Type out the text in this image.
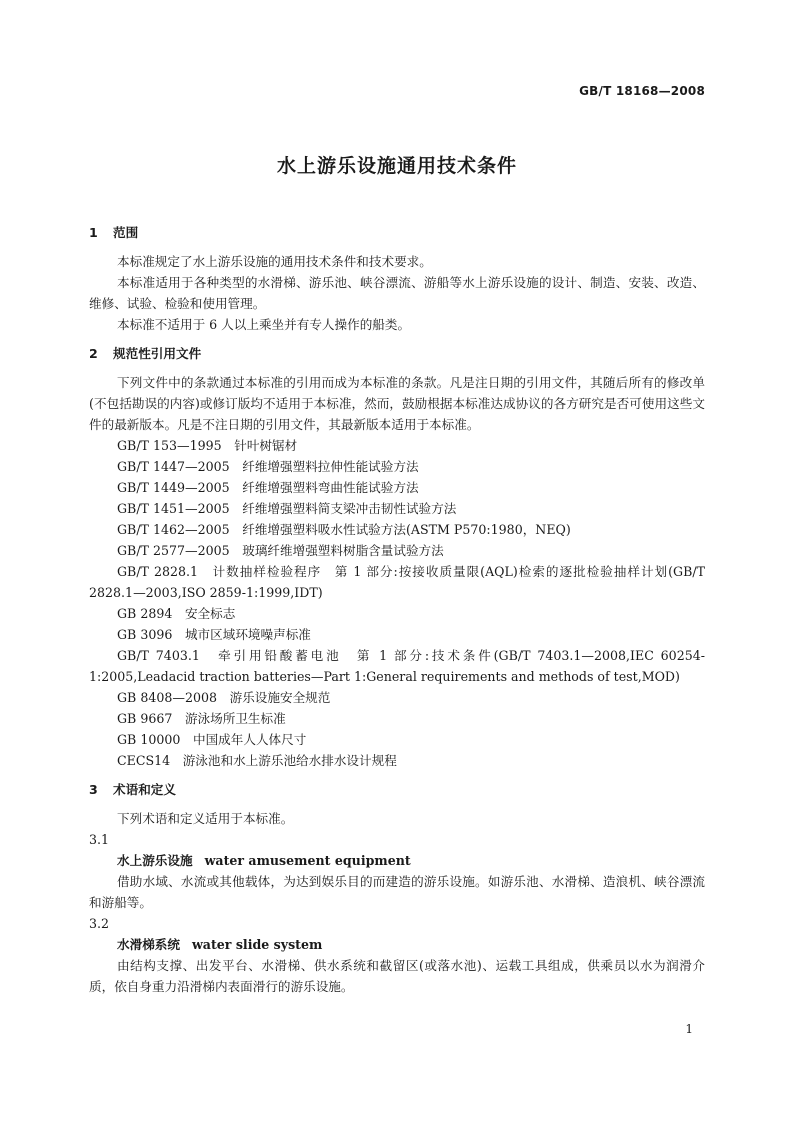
GB/T 18168—2008
水上游乐设施通用技术条件
1 范围

本标准规定了水上游乐设施的通用技术条件和技术要求。

本标准适用于各种类型的水滑梯、游乐池、峡谷漂流、游船等水上游乐设施的设计、制造、安装、改造、维修、试验、检验和使用管理。

本标准不适用于 6 人以上乘坐并有专人操作的船类。

2 规范性引用文件

下列文件中的条款通过本标准的引用而成为本标准的条款。凡是注日期的引用文件，其随后所有的修改单(不包括勘误的内容)或修订版均不适用于本标准，然而，鼓励根据本标准达成协议的各方研究是否可使用这些文件的最新版本。凡是不注日期的引用文件，其最新版本适用于本标准。

GB/T 153—1995　针叶树锯材

GB/T 1447—2005　纤维增强塑料拉伸性能试验方法

GB/T 1449—2005　纤维增强塑料弯曲性能试验方法

GB/T 1451—2005　纤维增强塑料简支梁冲击韧性试验方法

GB/T 1462—2005　纤维增强塑料吸水性试验方法(ASTM P570:1980，NEQ)

GB/T 2577—2005　玻璃纤维增强塑料树脂含量试验方法

GB/T 2828.1　计数抽样检验程序　第 1 部分:按接收质量限(AQL)检索的逐批检验抽样计划(GB/T 2828.1—2003,ISO 2859-1:1999,IDT)

GB 2894　安全标志

GB 3096　城市区域环境噪声标准

GB/T 7403.1　牵引用铅酸蓄电池　第 1 部分:技术条件(GB/T 7403.1—2008,IEC 60254-1:2005,Leadacid traction batteries—Part 1:General requirements and methods of test,MOD)

GB 8408—2008　游乐设施安全规范

GB 9667　游泳场所卫生标准

GB 10000　中国成年人人体尺寸

CECS14　游泳池和水上游乐池给水排水设计规程

3 术语和定义

下列术语和定义适用于本标准。

3.1

水上游乐设施 water amusement equipment

借助水域、水流或其他载体，为达到娱乐目的而建造的游乐设施。如游乐池、水滑梯、造浪机、峡谷漂流和游船等。

3.2

水滑梯系统 water slide system

由结构支撑、出发平台、水滑梯、供水系统和截留区(或落水池)、运载工具组成，供乘员以水为润滑介质，依自身重力沿滑梯内表面滑行的游乐设施。

1
